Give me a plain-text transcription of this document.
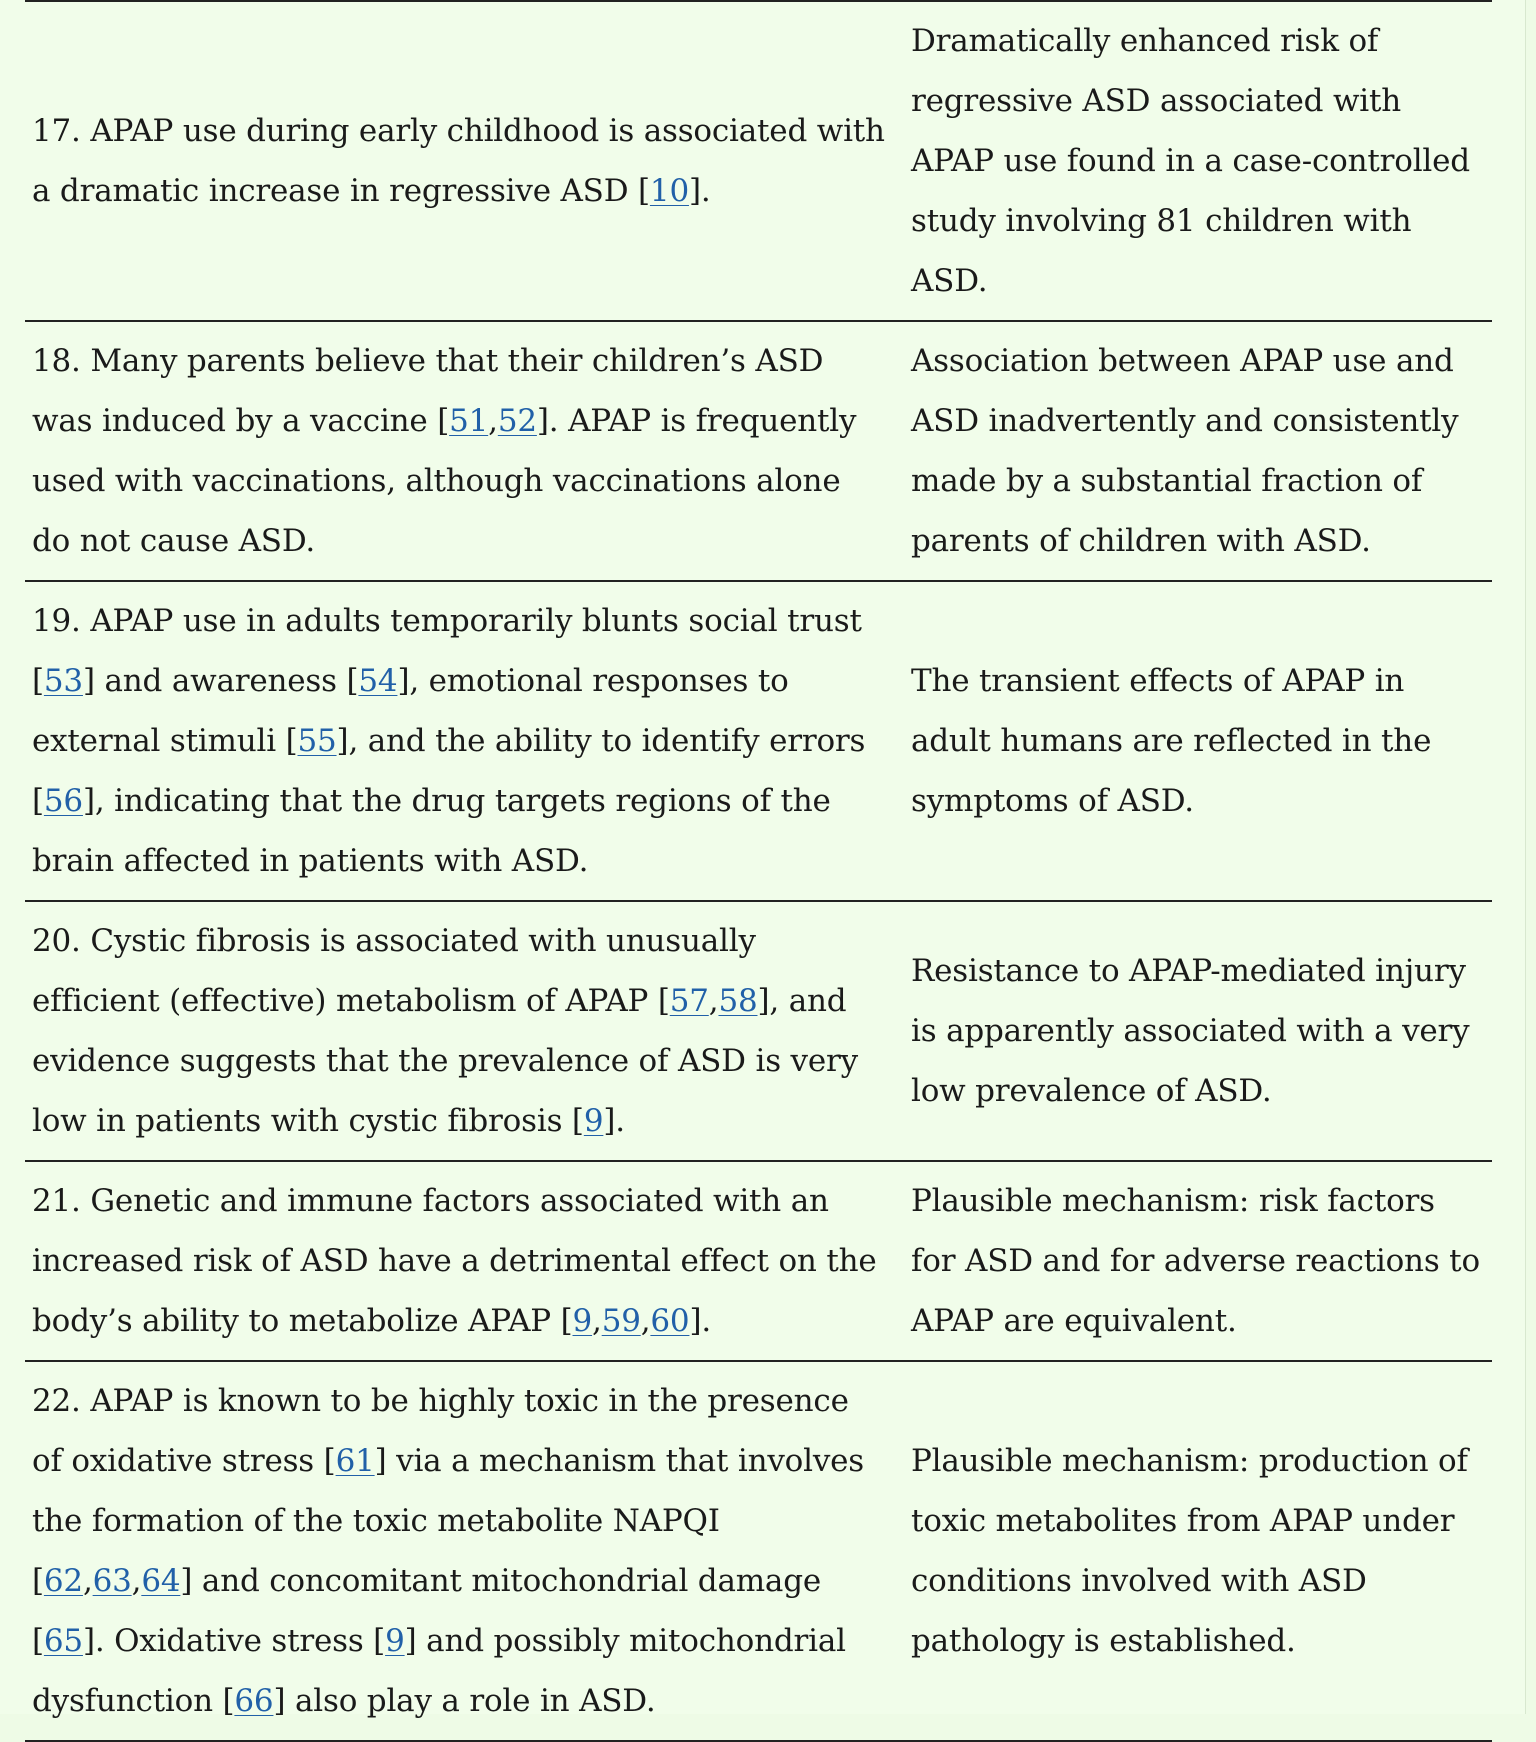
17. APAP use during early childhood is associated with a dramatic increase in regressive ASD [10].	Dramatically enhanced risk of regressive ASD associated with APAP use found in a case-controlled study involving 81 children with ASD.
18. Many parents believe that their children’s ASD was induced by a vaccine [51,52]. APAP is frequently used with vaccinations, although vaccinations alone do not cause ASD.	Association between APAP use and ASD inadvertently and consistently made by a substantial fraction of parents of children with ASD.
19. APAP use in adults temporarily blunts social trust [53] and awareness [54], emotional responses to external stimuli [55], and the ability to identify errors [56], indicating that the drug targets regions of the brain affected in patients with ASD.	The transient effects of APAP in adult humans are reflected in the symptoms of ASD.
20. Cystic fibrosis is associated with unusually efficient (effective) metabolism of APAP [57,58], and evidence suggests that the prevalence of ASD is very low in patients with cystic fibrosis [9].	Resistance to APAP-mediated injury is apparently associated with a very low prevalence of ASD.
21. Genetic and immune factors associated with an increased risk of ASD have a detrimental effect on the body’s ability to metabolize APAP [9,59,60].	Plausible mechanism: risk factors for ASD and for adverse reactions to APAP are equivalent.
22. APAP is known to be highly toxic in the presence of oxidative stress [61] via a mechanism that involves the formation of the toxic metabolite NAPQI [62,63,64] and concomitant mitochondrial damage [65]. Oxidative stress [9] and possibly mitochondrial dysfunction [66] also play a role in ASD.	Plausible mechanism: production of toxic metabolites from APAP under conditions involved with ASD pathology is established.
